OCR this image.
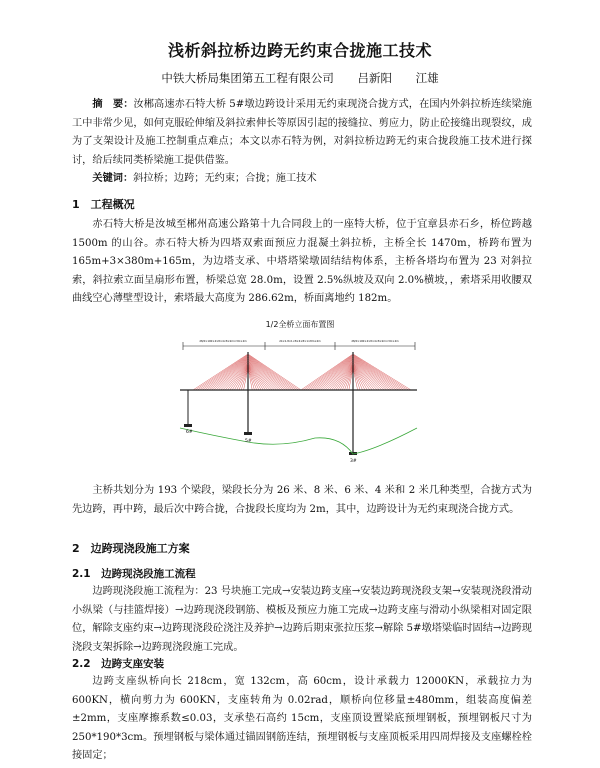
浅析斜拉桥边跨无约束合拢施工技术
中铁大桥局集团第五工程有限公司 吕新阳 江雄

摘　要：汝郴高速赤石特大桥 5#墩边跨设计采用无约束现浇合拢方式，在国内外斜拉桥连续梁施工中非常少见，如何克服砼伸缩及斜拉索伸长等原因引起的接缝拉、剪应力，防止砼接缝出现裂纹，成为了支架设计及施工控制重点难点；本文以赤石特为例，对斜拉桥边跨无约束合拢段施工技术进行探讨，给后续同类桥梁施工提供借鉴。

关键词：斜拉桥；边跨；无约束；合拢；施工技术

1　工程概况

赤石特大桥是汝城至郴州高速公路第十九合同段上的一座特大桥，位于宜章县赤石乡，桥位跨越 1500m 的山谷。赤石特大桥为四塔双索面预应力混凝土斜拉桥，主桥全长 1470m，桥跨布置为 165m+3×380m+165m，为边塔支承、中塔塔梁墩固结结构体系，主桥各塔均布置为 23 对斜拉索，斜拉索立面呈扇形布置，桥梁总宽 28.0m，设置 2.5%纵坡及双向 2.0%横坡，，索塔采用收腰双曲线空心薄壁型设计，索塔最大高度为 286.62m，桥面离地约 182m。

1/2全桥立面布置图
28/2×100×4×8×4×8×2m×3m×4m	24×1.8×1×8×4×8×1×8m×4m	28/2×100×4×8×4×8×2m×3m×4m
6#
5#
3#

主桥共划分为 193 个梁段，梁段长分为 26 米、8 米、6 米、4 米和 2 米几种类型，合拢方式为先边跨，再中跨，最后次中跨合拢，合拢段长度均为 2m，其中，边跨设计为无约束现浇合拢方式。

2　边跨现浇段施工方案
2.1　边跨现浇段施工流程

边跨现浇段施工流程为：23 号块施工完成→安装边跨支座→安装边跨现浇段支架→安装现浇段滑动小纵梁（与挂篮焊接）→边跨现浇段钢筋、模板及预应力施工完成→边跨支座与滑动小纵梁相对固定限位，解除支座约束→边跨现浇段砼浇注及养护→边跨后期束张拉压浆→解除 5#墩塔梁临时固结→边跨现浇段支架拆除→边跨现浇段施工完成。

2.2　边跨支座安装

边跨支座纵桥向长 218cm，宽 132cm，高 60cm，设计承载力 12000KN，承载拉力为 600KN，横向剪力为 600KN，支座转角为 0.02rad，顺桥向位移量±480mm，组装高度偏差±2mm，支座摩擦系数≤0.03，支承垫石高约 15cm，支座顶设置梁底预埋钢板，预埋钢板尺寸为 250*190*3cm。预埋钢板与梁体通过锚固钢筋连结，预埋钢板与支座顶板采用四周焊接及支座螺栓栓接固定；
